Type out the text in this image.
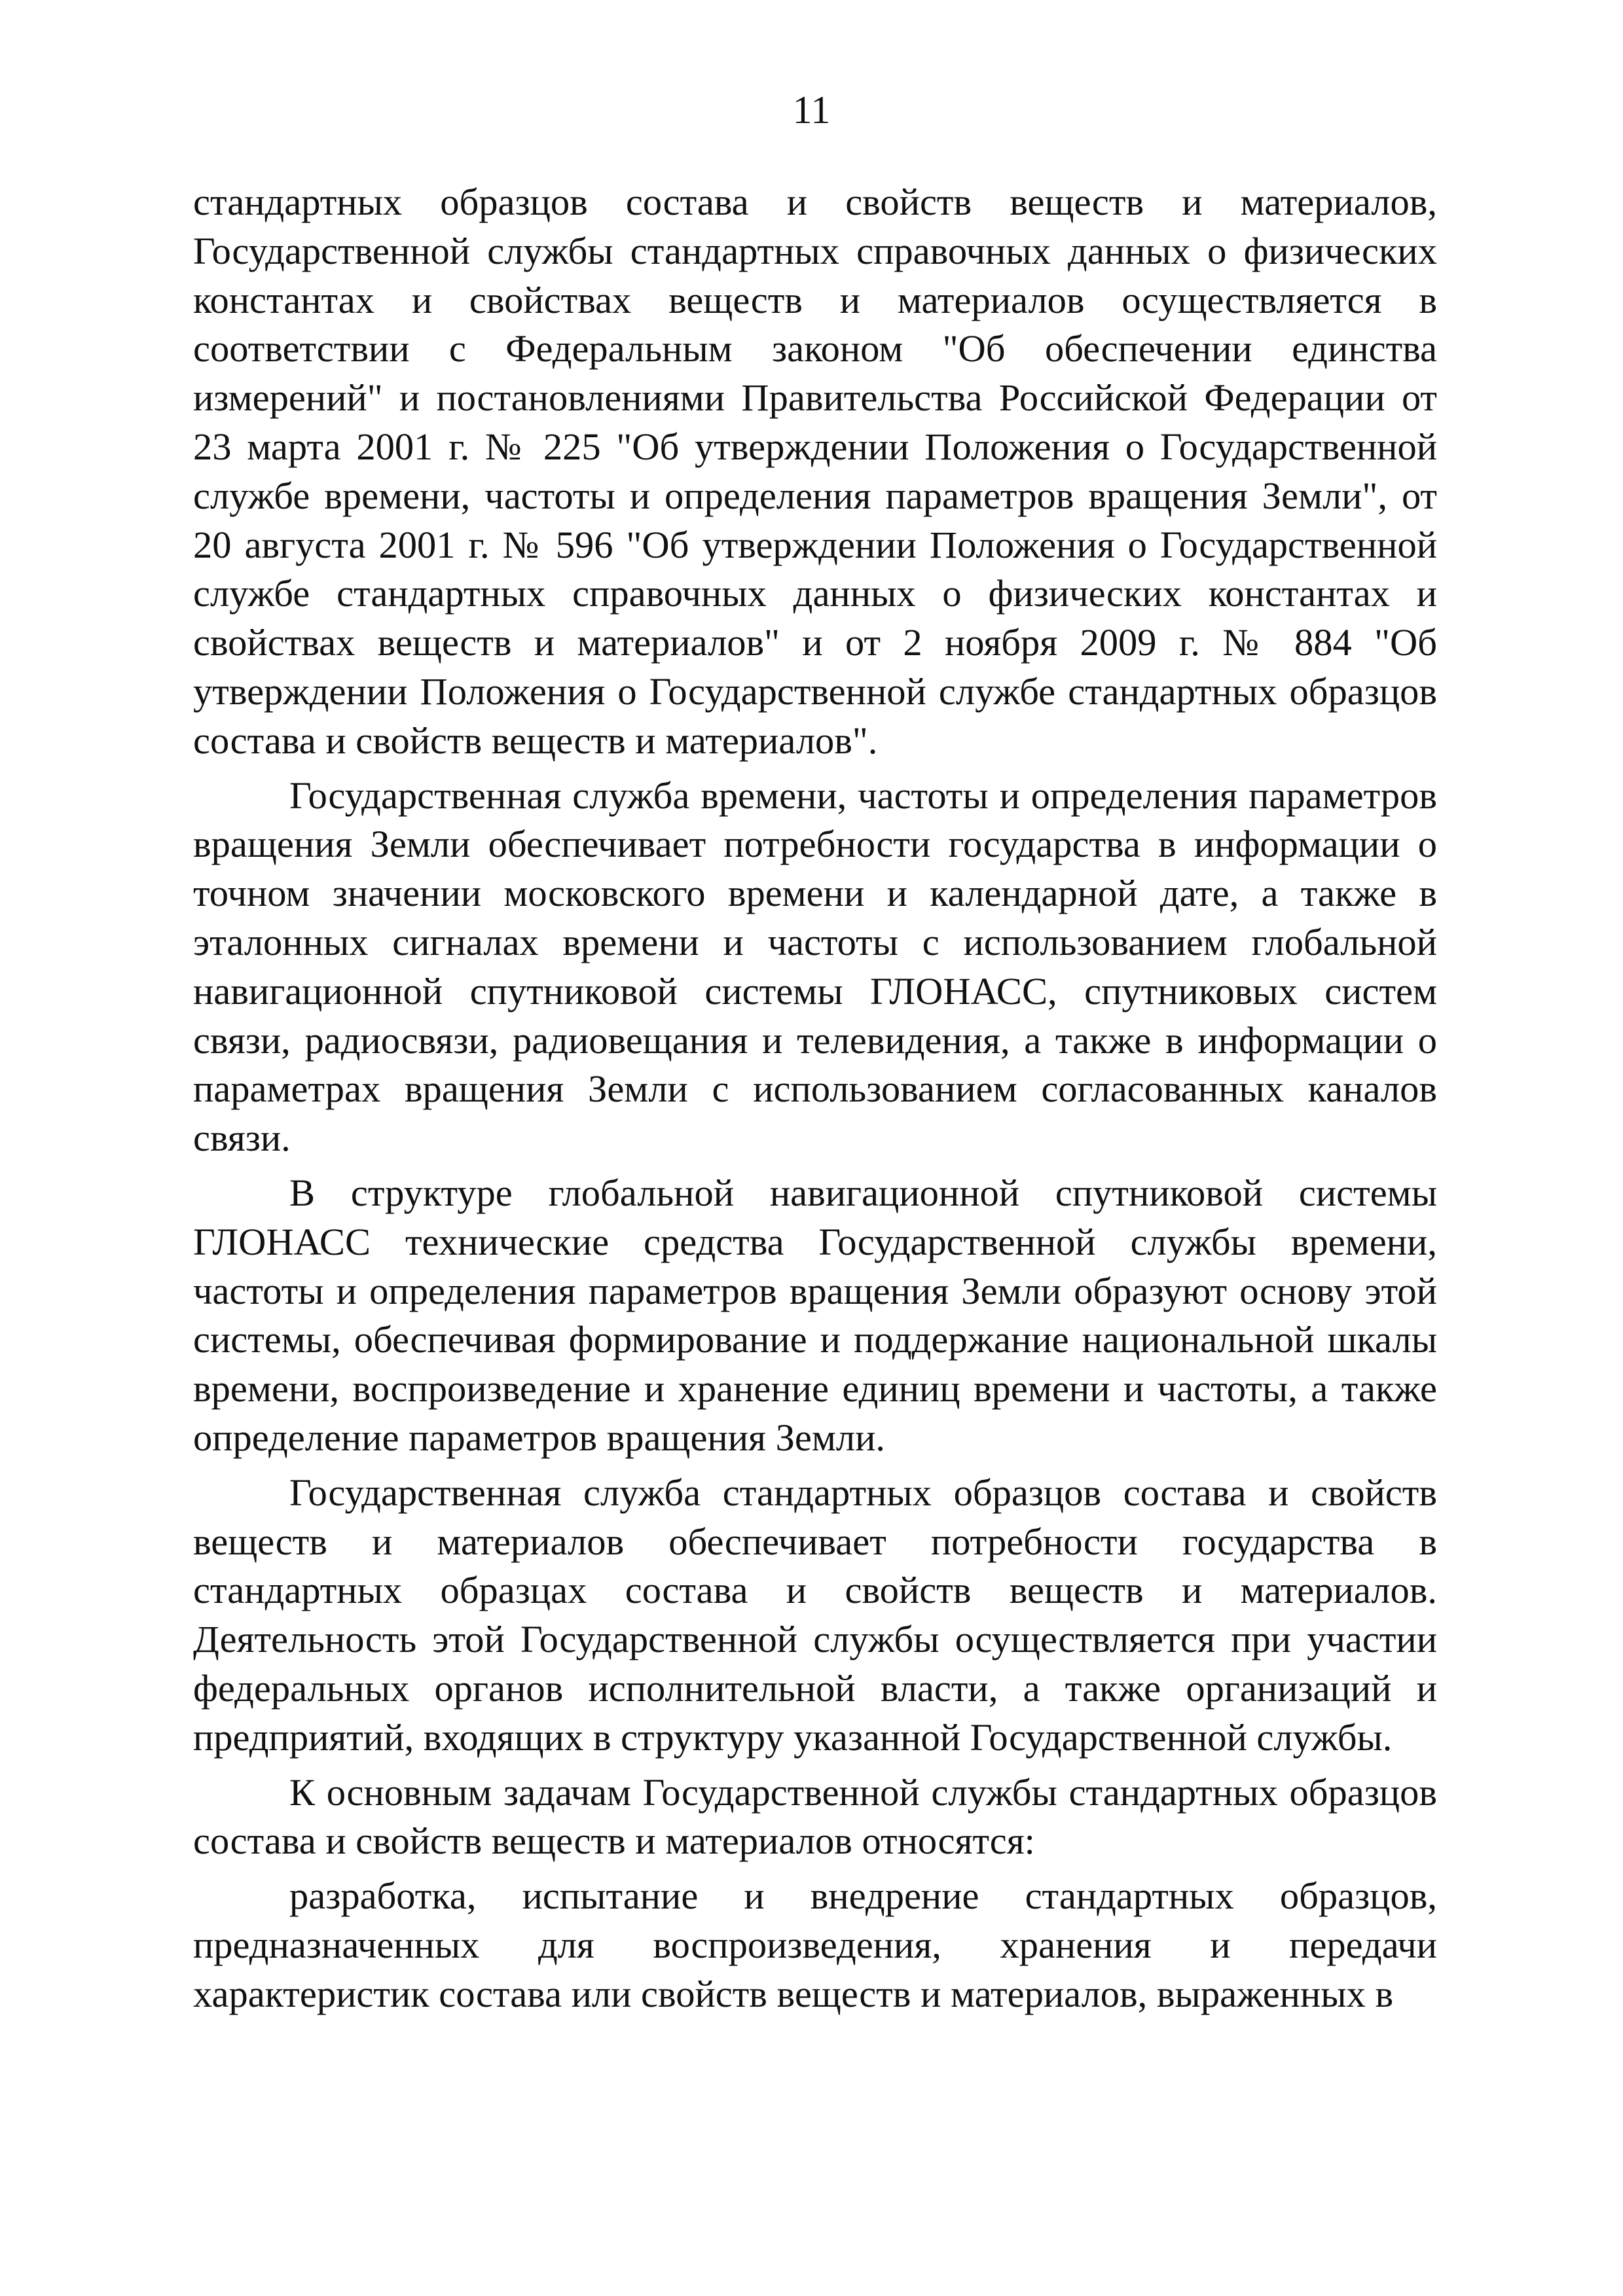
11

стандартных образцов состава и свойств веществ и материалов, Государственной службы стандартных справочных данных о физических константах и свойствах веществ и материалов осуществляется в соответствии с Федеральным законом "Об обеспечении единства измерений" и постановлениями Правительства Российской Федерации от 23 марта 2001 г. № 225 "Об утверждении Положения о Государственной службе времени, частоты и определения параметров вращения Земли", от 20 августа 2001 г. № 596 "Об утверждении Положения о Государственной службе стандартных справочных данных о физических константах и свойствах веществ и материалов" и от 2 ноября 2009 г. № 884 "Об утверждении Положения о Государственной службе стандартных образцов состава и свойств веществ и материалов".

Государственная служба времени, частоты и определения параметров вращения Земли обеспечивает потребности государства в информации о точном значении московского времени и календарной дате, а также в эталонных сигналах времени и частоты с использованием глобальной навигационной спутниковой системы ГЛОНАСС, спутниковых систем связи, радиосвязи, радиовещания и телевидения, а также в информации о параметрах вращения Земли с использованием согласованных каналов связи.

В структуре глобальной навигационной спутниковой системы ГЛОНАСС технические средства Государственной службы времени, частоты и определения параметров вращения Земли образуют основу этой системы, обеспечивая формирование и поддержание национальной шкалы времени, воспроизведение и хранение единиц времени и частоты, а также определение параметров вращения Земли.

Государственная служба стандартных образцов состава и свойств веществ и материалов обеспечивает потребности государства в стандартных образцах состава и свойств веществ и материалов. Деятельность этой Государственной службы осуществляется при участии федеральных органов исполнительной власти, а также организаций и предприятий, входящих в структуру указанной Государственной службы.

К основным задачам Государственной службы стандартных образцов состава и свойств веществ и материалов относятся:

разработка, испытание и внедрение стандартных образцов, предназначенных для воспроизведения, хранения и передачи характеристик состава или свойств веществ и материалов, выраженных в
